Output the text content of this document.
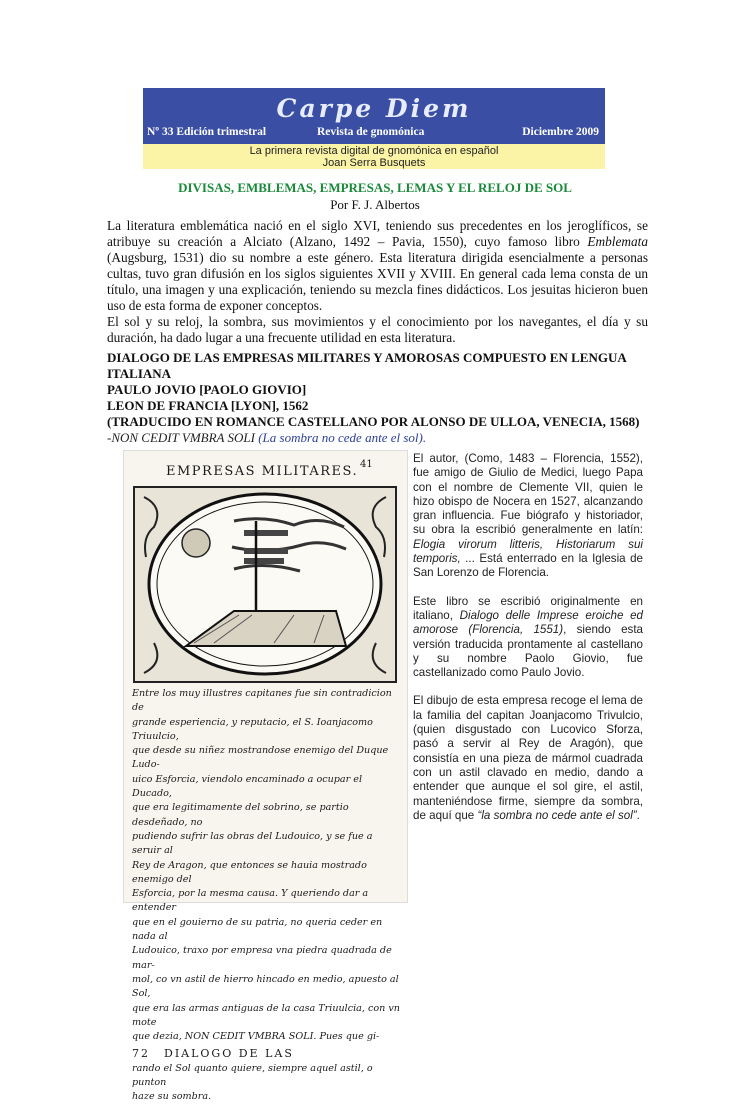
Carpe Diem
Nº 33 Edición trimestral	Revista de gnomónica	Diciembre 2009
La primera revista digital de gnomónica en español
Joan Serra Busquets
DIVISAS, EMBLEMAS, EMPRESAS, LEMAS Y EL RELOJ DE SOL
Por F. J. Albertos

La literatura emblemática nació en el siglo XVI, teniendo sus precedentes en los jeroglíficos, se atribuye su creación a Alciato (Alzano, 1492 – Pavia, 1550), cuyo famoso libro Emblemata (Augsburg, 1531) dio su nombre a este género. Esta literatura dirigida esencialmente a personas cultas, tuvo gran difusión en los siglos siguientes XVII y XVIII. En general cada lema consta de un título, una imagen y una explicación, teniendo su mezcla fines didácticos. Los jesuitas hicieron buen uso de esta forma de exponer conceptos.

El sol y su reloj, la sombra, sus movimientos y el conocimiento por los navegantes, el día y su duración, ha dado lugar a una frecuente utilidad en esta literatura.

DIALOGO DE LAS EMPRESAS MILITARES Y AMOROSAS COMPUESTO EN LENGUA ITALIANA
PAULO JOVIO [PAOLO GIOVIO]
LEON DE FRANCIA [LYON], 1562
(TRADUCIDO EN ROMANCE CASTELLANO POR ALONSO DE ULLOA, VENECIA, 1568)
-NON CEDIT VMBRA SOLI (La sombra no cede ante el sol).
EMPRESAS MILITARES. 41
Entre los muy illustres capitanes fue sin contradicion de
grande esperiencia, y reputacio, el S. Ioanjacomo Triuulcio,
que desde su niñez mostrandose enemigo del Duque Ludo-
uico Esforcia, viendolo encaminado a ocupar el Ducado,
que era legitimamente del sobrino, se partio desdeñado, no
pudiendo sufrir las obras del Ludouico, y se fue a seruir al
Rey de Aragon, que entonces se hauia mostrado enemigo del
Esforcia, por la mesma causa. Y queriendo dar a entender
que en el gouierno de su patria, no queria ceder en nada al
Ludouico, traxo por empresa vna piedra quadrada de mar-
mol, co vn astil de hierro hincado en medio, apuesto al Sol,
que era las armas antiguas de la casa Triuulcia, con vn mote
que dezia, NON CEDIT VMBRA SOLI. Pues que gi-
72 DIALOGO DE LAS
rando el Sol quanto quiere, siempre aquel astil, o punton
haze su sombra.

El autor, (Como, 1483 – Florencia, 1552), fue amigo de Giulio de Medici, luego Papa con el nombre de Clemente VII, quien le hizo obispo de Nocera en 1527, alcanzando gran influencia. Fue biógrafo y historiador, su obra la escribió generalmente en latín: Elogia virorum litteris, Historiarum sui temporis, ... Está enterrado en la Iglesia de San Lorenzo de Florencia.

Este libro se escribió originalmente en italiano, Dialogo delle Imprese eroiche ed amorose (Florencia, 1551), siendo esta versión traducida prontamente al castellano y su nombre Paolo Giovio, fue castellanizado como Paulo Jovio.

El dibujo de esta empresa recoge el lema de la familia del capitan Joanjacomo Trivulcio, (quien disgustado con Lucovico Sforza, pasó a servir al Rey de Aragón), que consistía en una pieza de mármol cuadrada con un astil clavado en medio, dando a entender que aunque el sol gire, el astil, manteniéndose firme, siempre da sombra, de aquí que “la sombra no cede ante el sol”.
